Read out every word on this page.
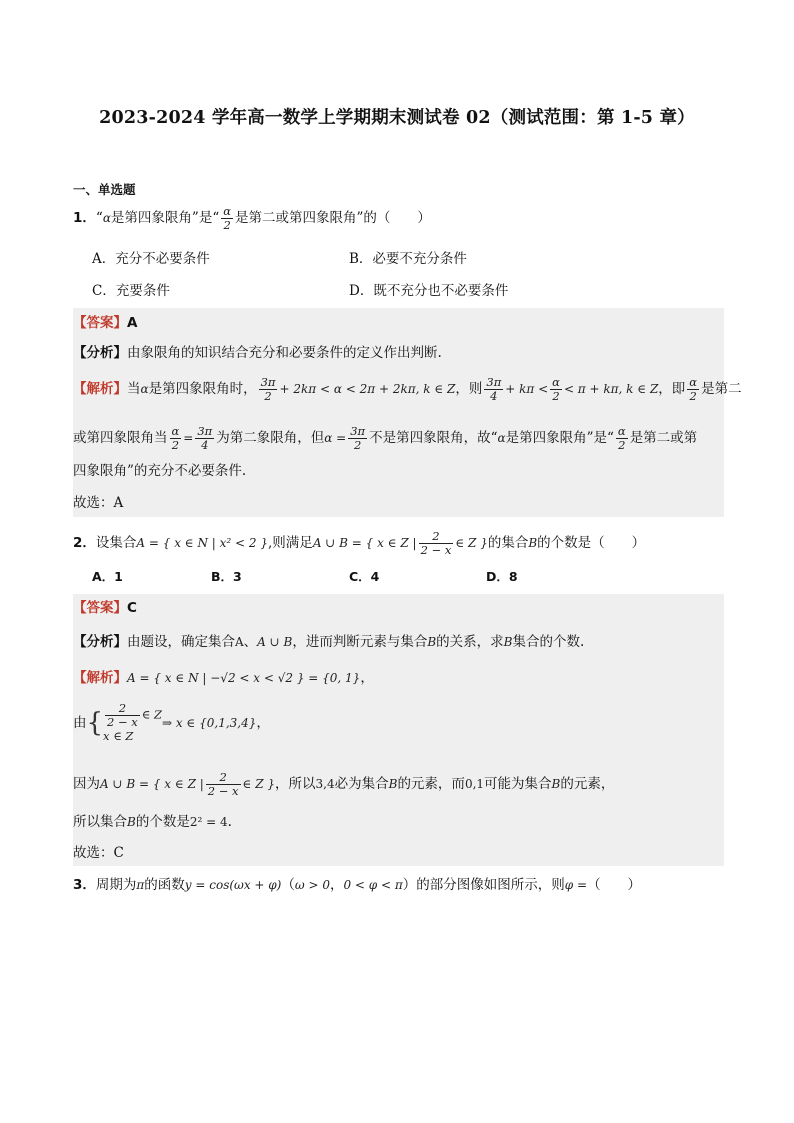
2023-2024 学年高一数学上学期期末测试卷 02（测试范围：第 1-5 章）
一、单选题
1．“α是第四象限角”是“ $\frac{\alpha}{2}$ 是第二或第四象限角”的（　　）
A．充分不必要条件	B．必要不充分条件
C．充要条件	D．既不充分也不必要条件
【答案】A
【分析】由象限角的知识结合充分和必要条件的定义作出判断.
【解析】当α是第四象限角时， $\frac{3\pi}{2} + 2k\pi < \alpha < 2\pi + 2k\pi$, k ∈ Z，则 $\frac{3\pi}{4} + k\pi < \frac{\alpha}{2} < \pi + k\pi$, k ∈ Z，即 $\frac{\alpha}{2}$ 是第二
或第四象限角当 $\frac{\alpha}{2} = \frac{3\pi}{4}$ 为第二象限角，但$\alpha = \frac{3\pi}{2}$ 不是第四象限角，故“α是第四象限角”是“ $\frac{\alpha}{2}$ 是第二或第
四象限角”的充分不必要条件.
故选：A
2．设集合A = { x ∈ N | x² < 2 },则满足A ∪ B = { x ∈ Z | $\frac{2}{2 - x}$ ∈ Z }的集合B的个数是（　　）
A．1	B．3	C．4	D．8
【答案】C
【分析】由题设，确定集合A、A ∪ B，进而判断元素与集合B的关系，求B集合的个数.
【解析】A = { x ∈ N | −√2 < x < √2 } = {0, 1}，
由{ $\frac{2}{2 - x}$ ∈ Z
x ∈ Z
⇒ x ∈ {0,1,3,4}，
因为A ∪ B = { x ∈ Z | $\frac{2}{2 - x}$ ∈ Z }，所以3,4必为集合B的元素，而0,1可能为集合B的元素，
所以集合B的个数是2² = 4.
故选：C
3．周期为π的函数y = cos(ωx + φ)（ω > 0，0 < φ < π）的部分图像如图所示，则φ =（　　）
